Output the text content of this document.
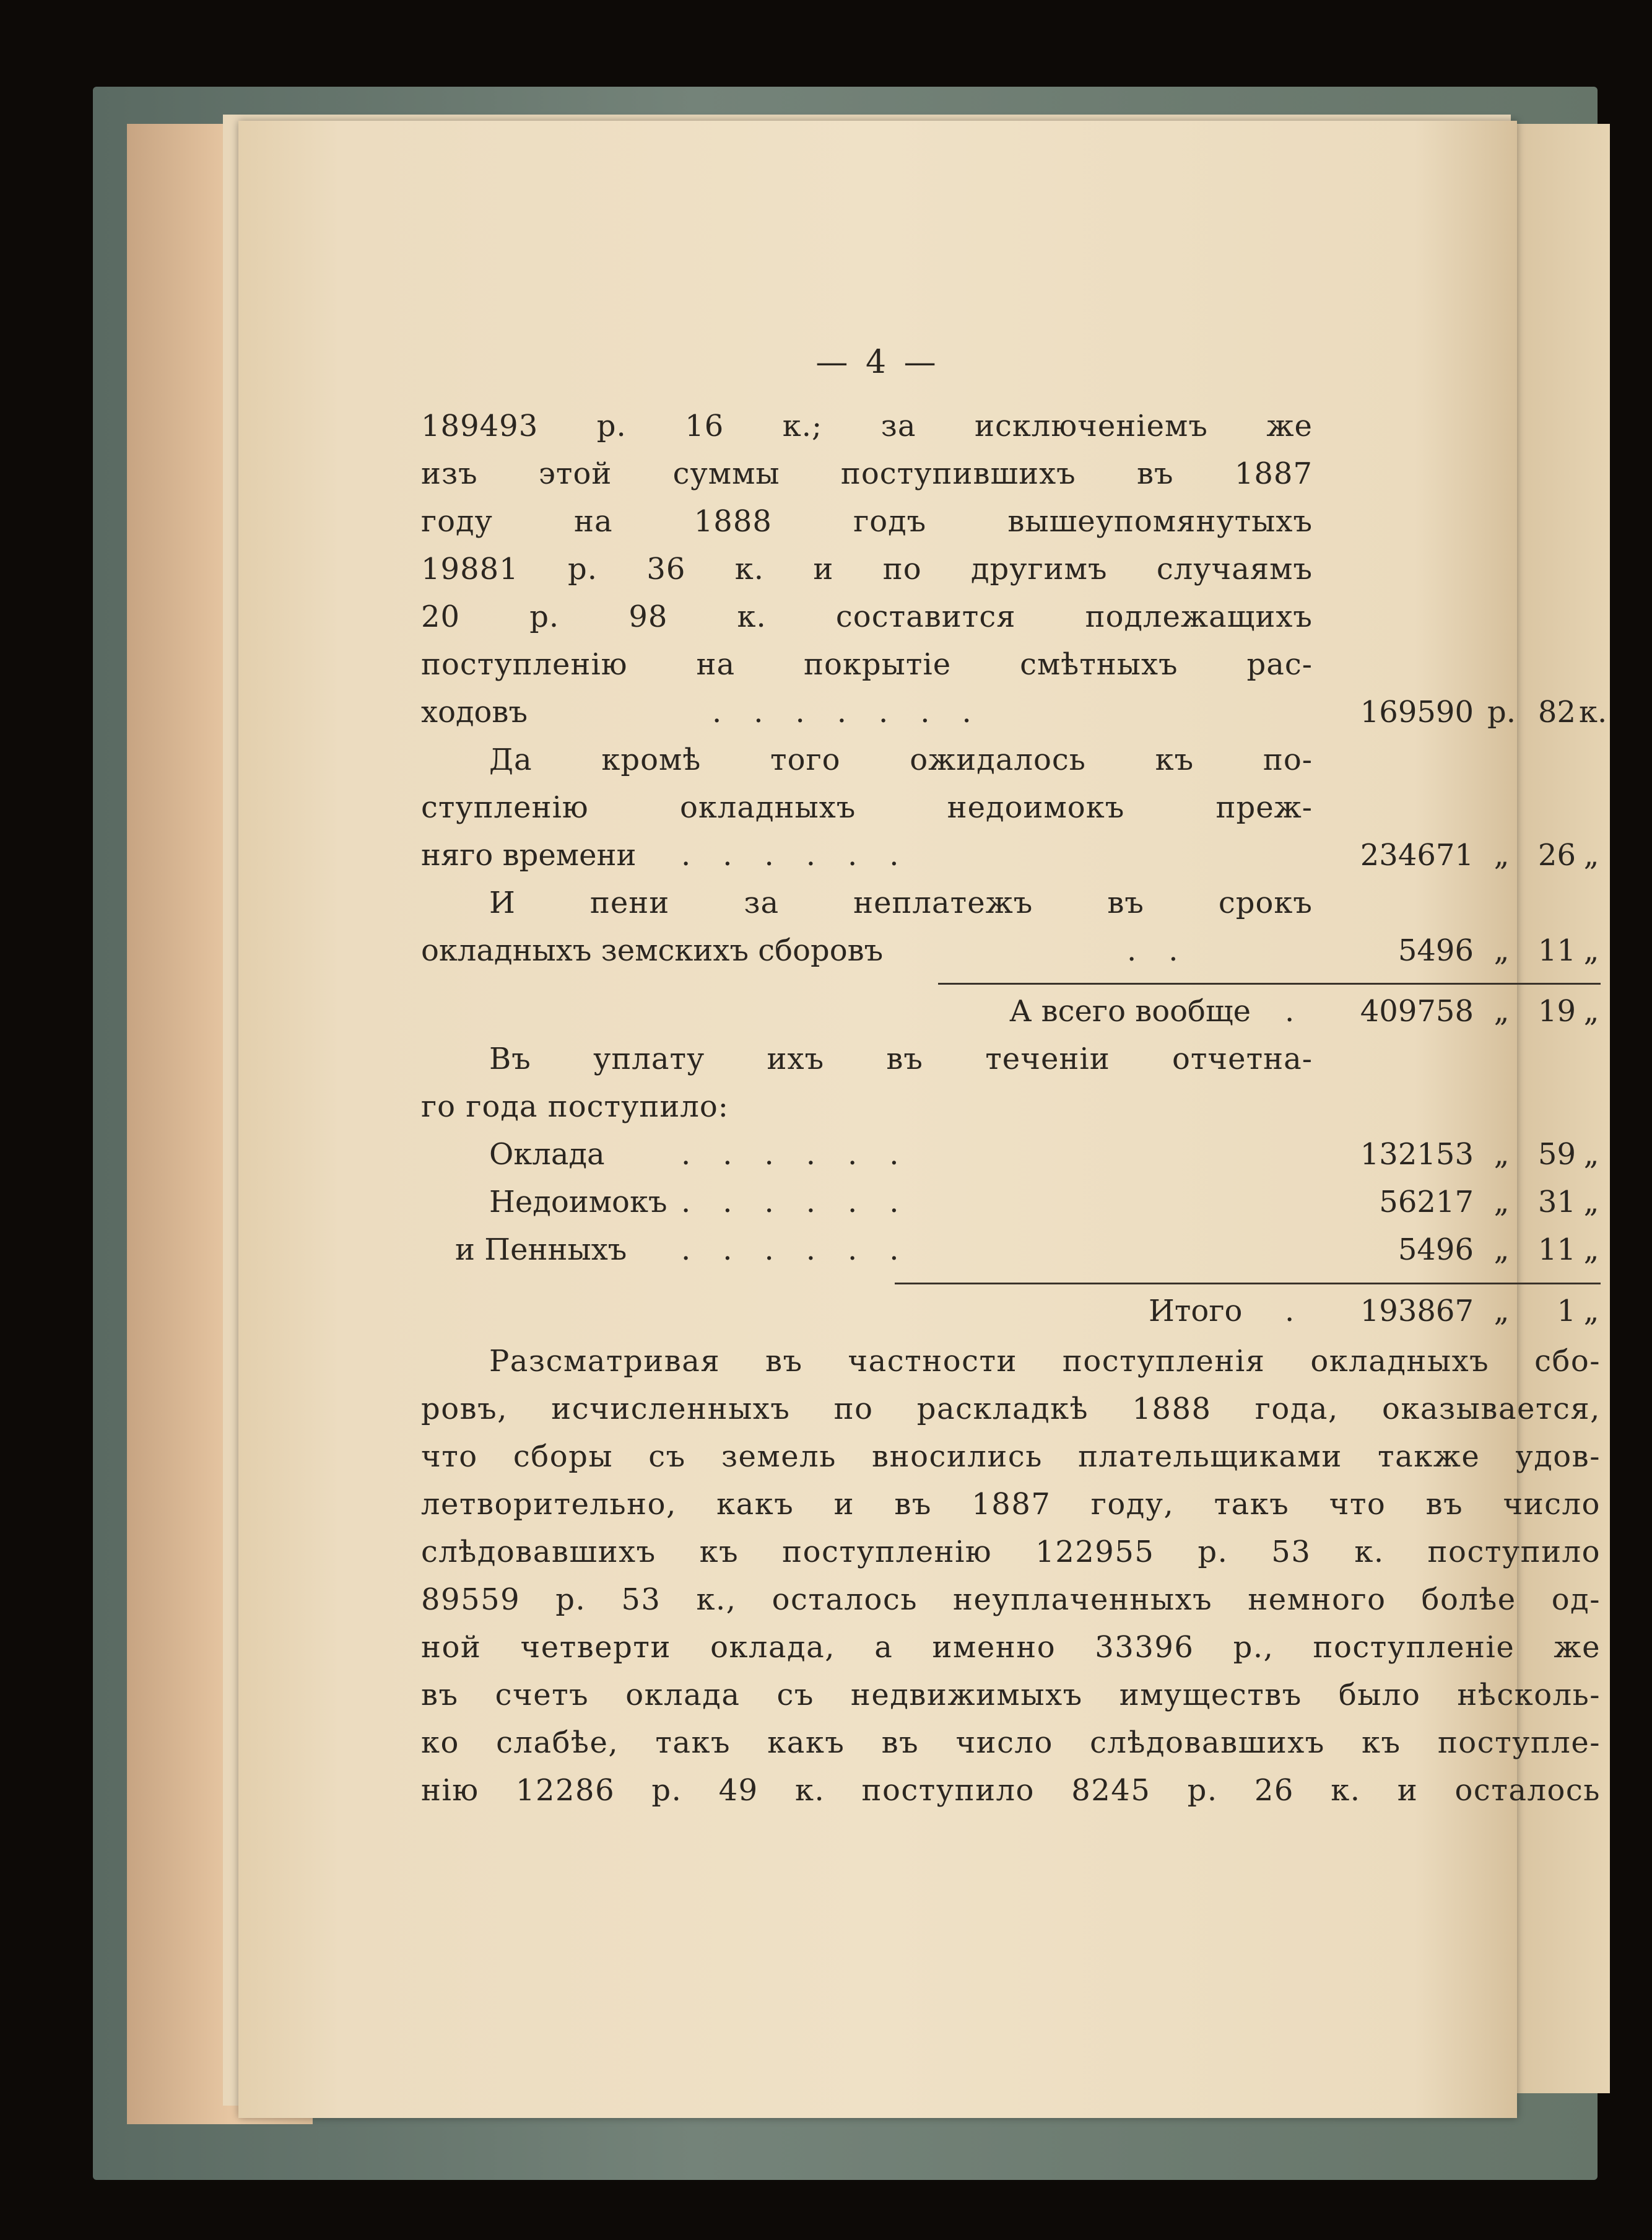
— 4 —
189493 р. 16 к.; за исключеніемъ же
изъ этой суммы поступившихъ въ 1887
году	на	1888	годъ	вышеупомянутыхъ
19881 р. 36 к. и по другимъ случаямъ
20 р. 98 к. составится подлежащихъ
поступленію на покрытіе смѣтныхъ рас-
ходовъ	.......	169590 р. 82 к.
Да кромѣ того ожидалось къ по-
ступленію	окладныхъ	недоимокъ	преж-
няго времени ......	234671 „ 26 „
И	пени	за	неплатежъ	въ	срокъ
окладныхъ земскихъ сборовъ	..	5496 „ 11 „
А всего вообще .	409758 „ 19 „
Въ уплату ихъ въ теченіи отчетна-
го года поступило:
Оклада	......	132153 „ 59 „
Недоимокъ ......	56217 „ 31 „
и Пенныхъ ......	5496 „ 11 „
Итого .	193867 „	1 „
Разсматривая въ частности поступленія окладныхъ сбо-
ровъ, исчисленныхъ по раскладкѣ 1888 года, оказывается,
что сборы съ земель вносились плательщиками также удов-
летворительно, какъ и въ 1887 году, такъ что въ число
слѣдовавшихъ къ поступленію 122955 р. 53 к. поступило
89559 р. 53 к., осталось неуплаченныхъ немного болѣе од-
ной четверти оклада, а именно 33396 р., поступленіе же
въ счетъ оклада съ недвижимыхъ имуществъ было нѣсколь-
ко слабѣе, такъ какъ въ число слѣдовавшихъ къ поступле-
нію 12286 р. 49 к. поступило 8245 р. 26 к. и осталось
